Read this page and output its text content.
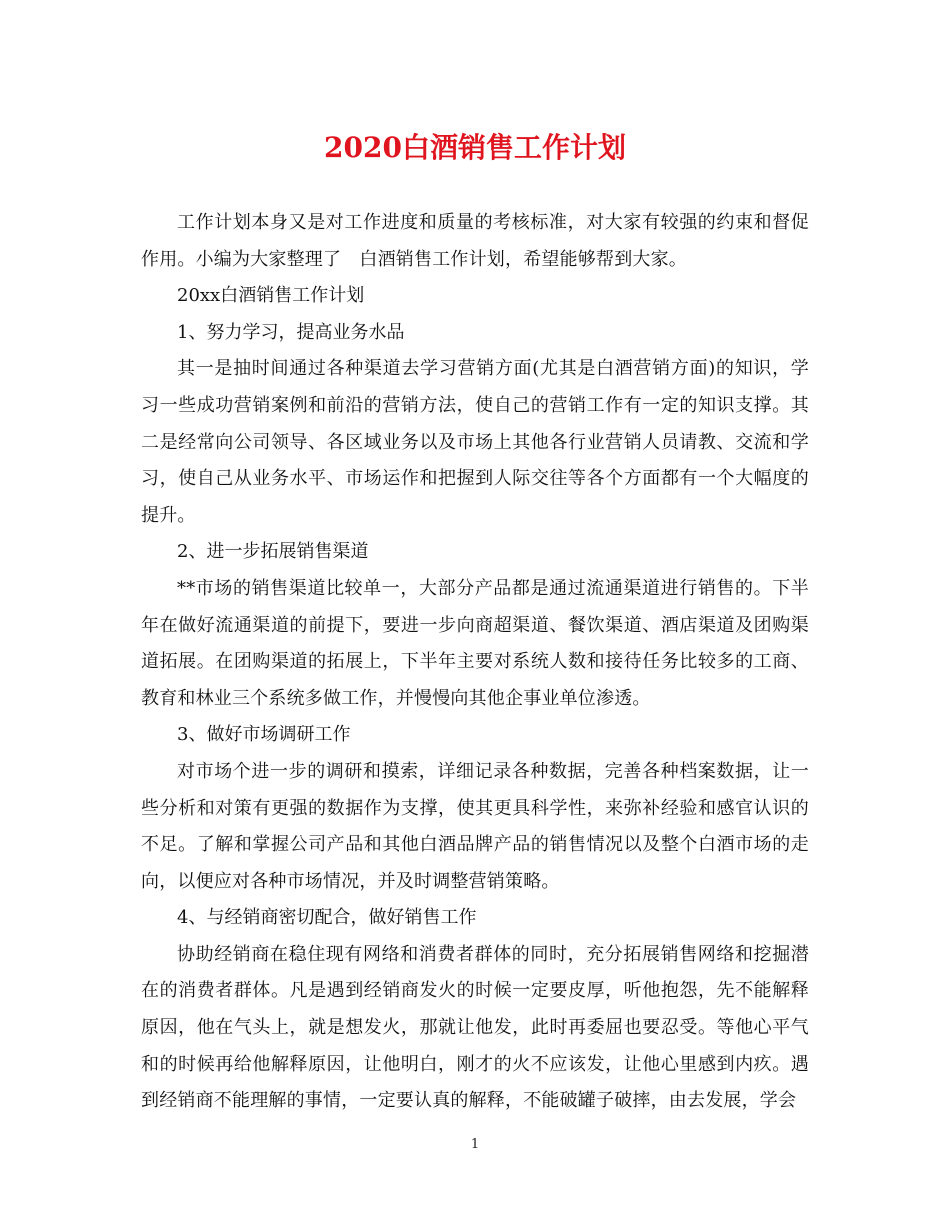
2020白酒销售工作计划

工作计划本身又是对工作进度和质量的考核标准，对大家有较强的约束和督促作用。小编为大家整理了　白酒销售工作计划，希望能够帮到大家。

20xx白酒销售工作计划

1、努力学习，提高业务水品

其一是抽时间通过各种渠道去学习营销方面(尤其是白酒营销方面)的知识，学习一些成功营销案例和前沿的营销方法，使自己的营销工作有一定的知识支撑。其二是经常向公司领导、各区域业务以及市场上其他各行业营销人员请教、交流和学习，使自己从业务水平、市场运作和把握到人际交往等各个方面都有一个大幅度的提升。

2、进一步拓展销售渠道

**市场的销售渠道比较单一，大部分产品都是通过流通渠道进行销售的。下半年在做好流通渠道的前提下，要进一步向商超渠道、餐饮渠道、酒店渠道及团购渠道拓展。在团购渠道的拓展上，下半年主要对系统人数和接待任务比较多的工商、教育和林业三个系统多做工作，并慢慢向其他企事业单位渗透。

3、做好市场调研工作

对市场个进一步的调研和摸索，详细记录各种数据，完善各种档案数据，让一些分析和对策有更强的数据作为支撑，使其更具科学性，来弥补经验和感官认识的不足。了解和掌握公司产品和其他白酒品牌产品的销售情况以及整个白酒市场的走向，以便应对各种市场情况，并及时调整营销策略。

4、与经销商密切配合，做好销售工作

协助经销商在稳住现有网络和消费者群体的同时，充分拓展销售网络和挖掘潜在的消费者群体。凡是遇到经销商发火的时候一定要皮厚，听他抱怨，先不能解释原因，他在气头上，就是想发火，那就让他发，此时再委屈也要忍受。等他心平气和的时候再给他解释原因，让他明白，刚才的火不应该发，让他心里感到内疚。遇到经销商不能理解的事情，一定要认真的解释，不能破罐子破摔，由去发展，学会

1
